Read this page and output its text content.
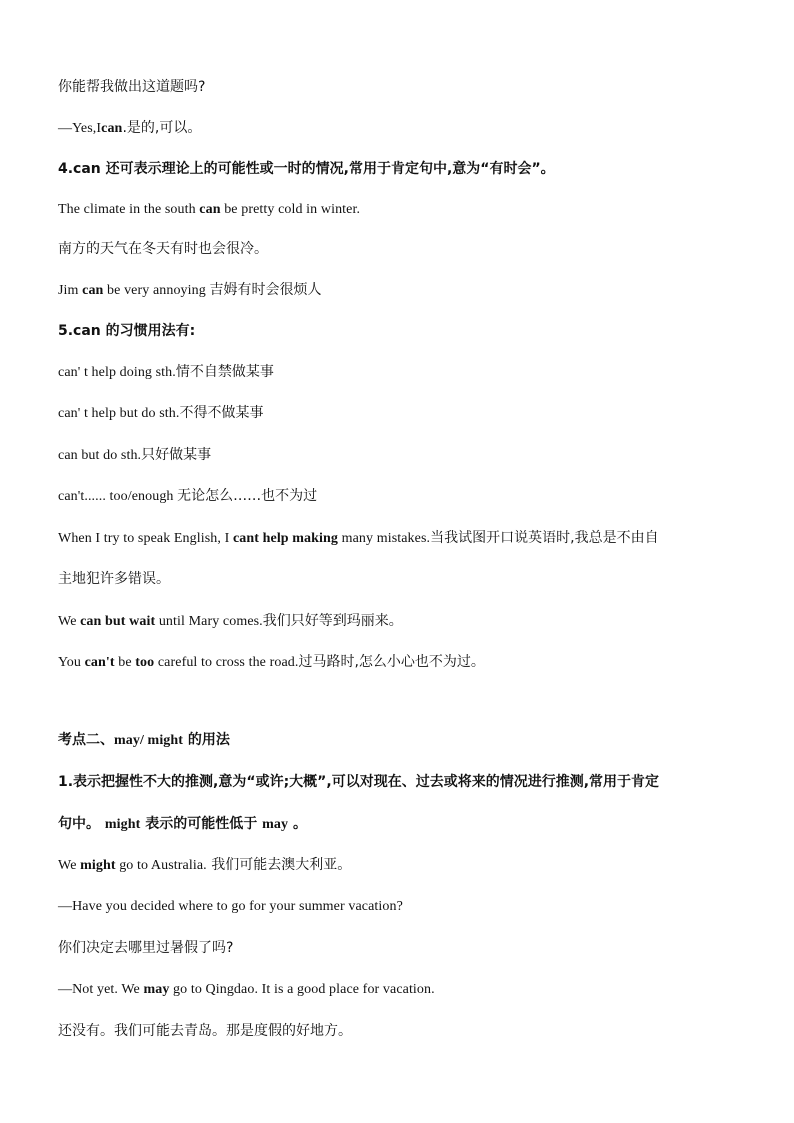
你能帮我做出这道题吗?
—Yes,Ican.是的,可以。
4.can 还可表示理论上的可能性或一时的情况,常用于肯定句中,意为“有时会”。
The climate in the south can be pretty cold in winter.
南方的天气在冬天有时也会很冷。
Jim can be very annoying 吉姆有时会很烦人
5.can 的习惯用法有:
can' t help doing sth.情不自禁做某事
can' t help but do sth.不得不做某事
can but do sth.只好做某事
can't...... too/enough 无论怎么……也不为过
When I try to speak English, I cant help making many mistakes.当我试图开口说英语时,我总是不由自
主地犯许多错误。
We can but wait until Mary comes.我们只好等到玛丽来。
You can't be too careful to cross the road.过马路时,怎么小心也不为过。
考点二、may/ might 的用法
1.表示把握性不大的推测,意为“或许;大概”,可以对现在、过去或将来的情况进行推测,常用于肯定
句中。 might 表示的可能性低于 may 。
We might go to Australia. 我们可能去澳大利亚。
—Have you decided where to go for your summer vacation?
你们决定去哪里过暑假了吗?
—Not yet. We may go to Qingdao. It is a good place for vacation.
还没有。我们可能去青岛。那是度假的好地方。
